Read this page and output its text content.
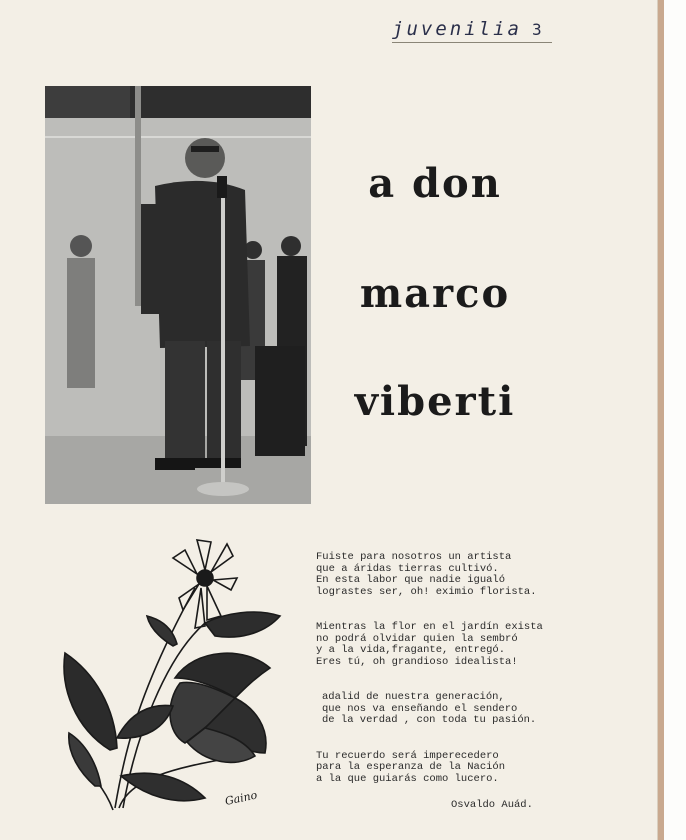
juvenilia 3
a don
marco
viberti
Gaino
Fuiste para nosotros un artista
que a áridas tierras cultivó.
En esta labor que nadie igualó
lograstes ser, oh! eximio florista.
Mientras la flor en el jardín exista
no podrá olvidar quien la sembró
y a la vida,fragante, entregó.
Eres tú, oh grandioso idealista!
adalid de nuestra generación,
que nos va enseñando el sendero
de la verdad , con toda tu pasión.
Tu recuerdo será imperecedero
para la esperanza de la Nación
a la que guiarás como lucero.
Osvaldo Auád.
